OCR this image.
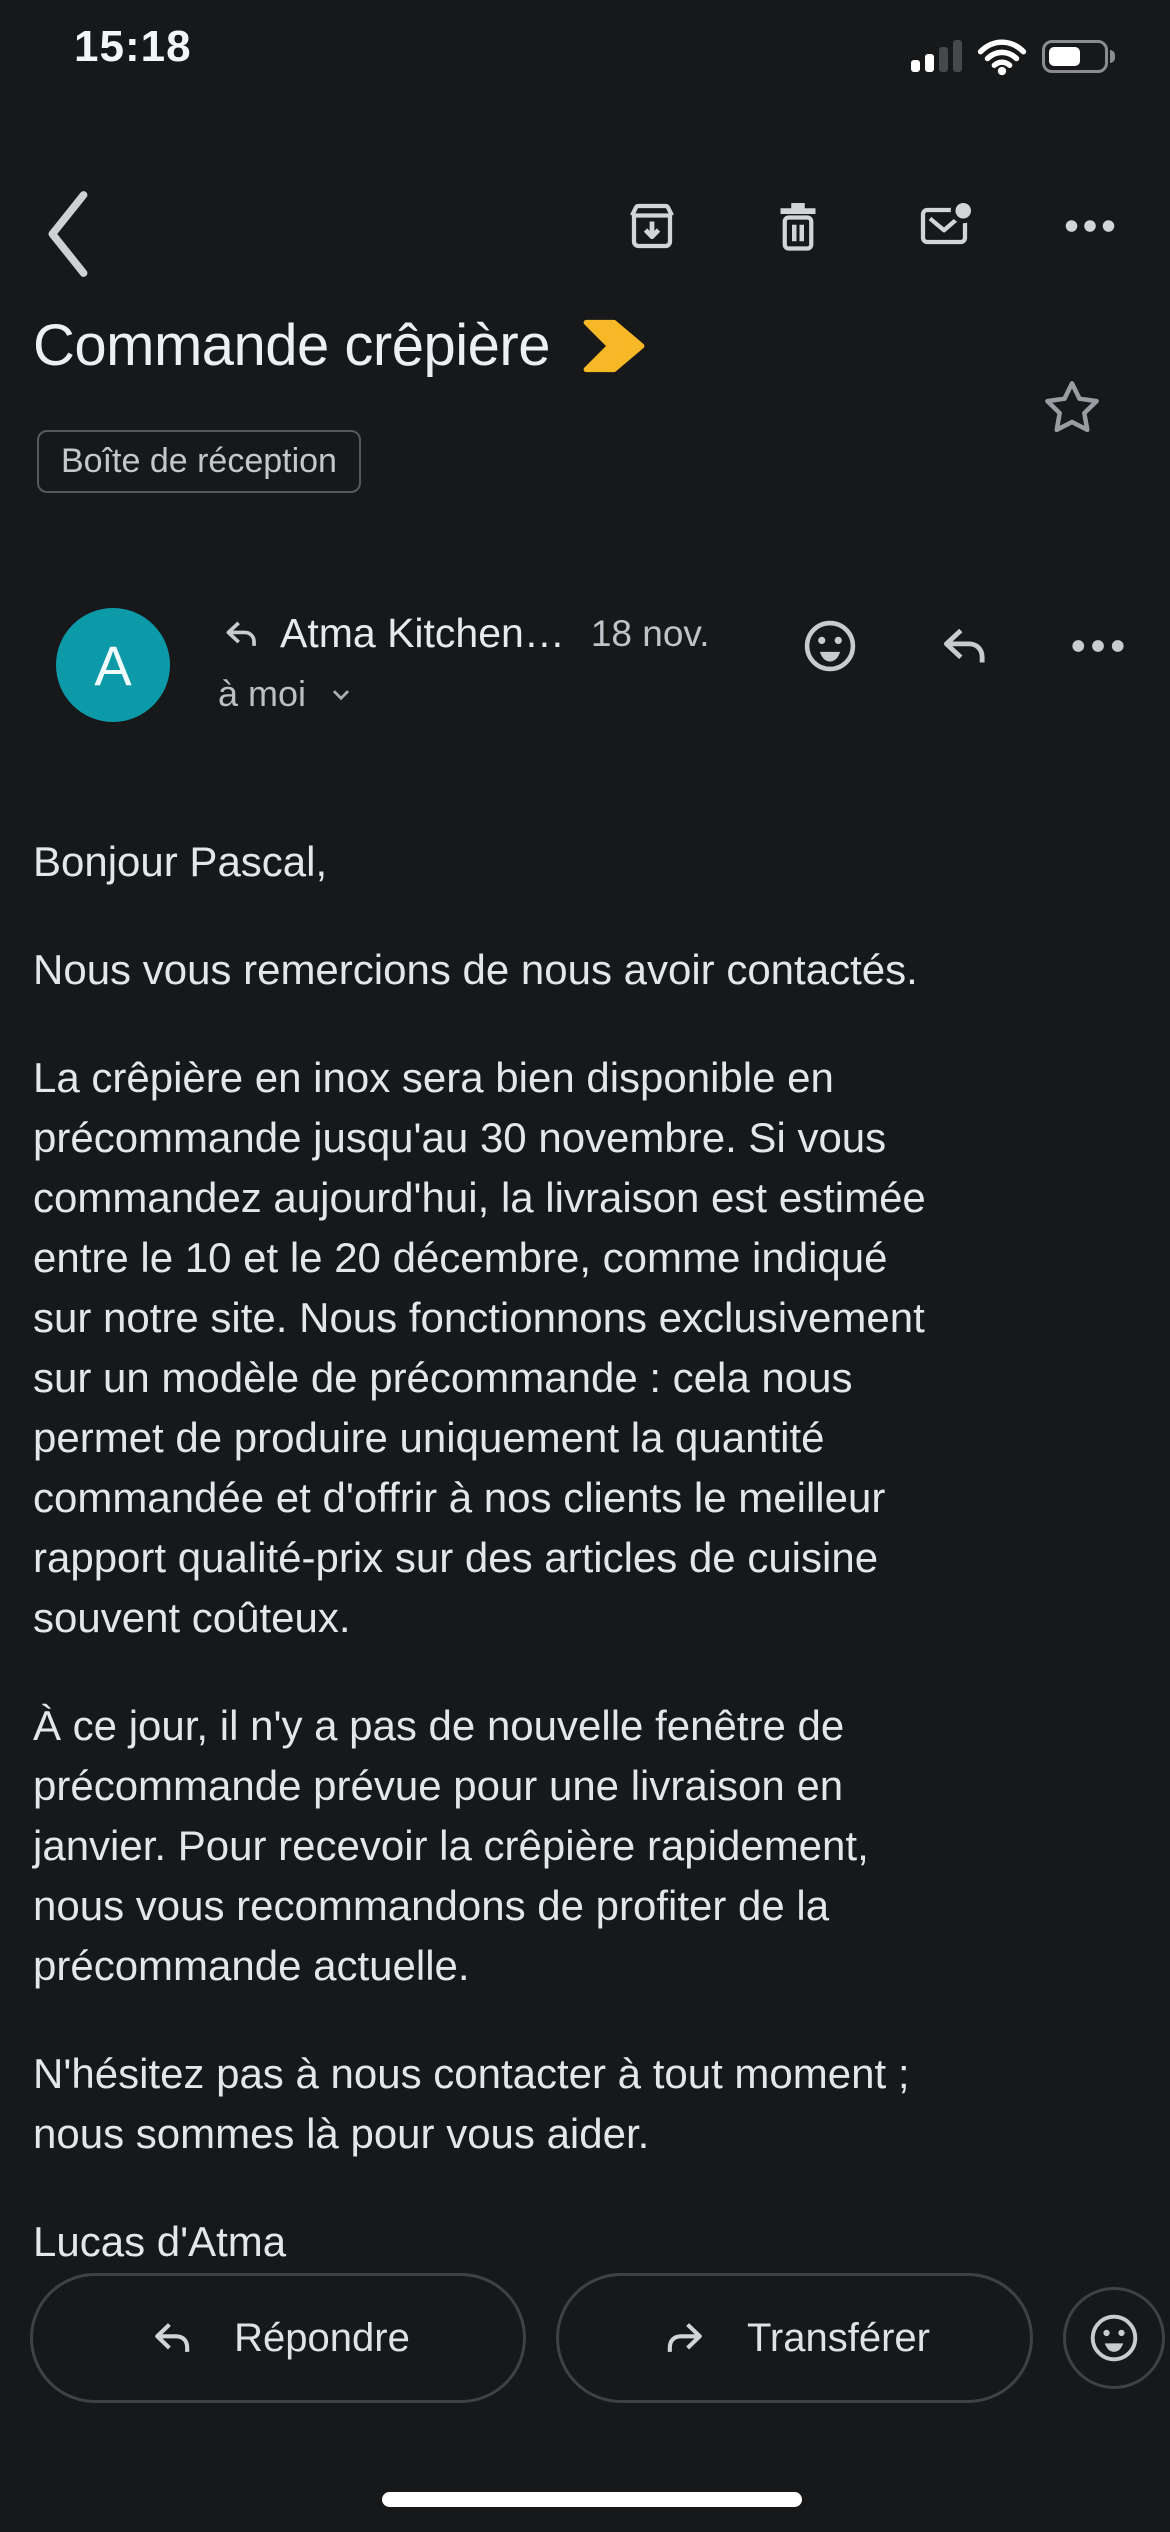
15:18
Commande crêpière
Boîte de réception
A
Atma Kitchen… 18 nov.
à moi
Bonjour Pascal,
Nous vous remercions de nous avoir contactés.
La crêpière en inox sera bien disponible en
précommande jusqu'au 30 novembre. Si vous
commandez aujourd'hui, la livraison est estimée
entre le 10 et le 20 décembre, comme indiqué
sur notre site. Nous fonctionnons exclusivement
sur un modèle de précommande : cela nous
permet de produire uniquement la quantité
commandée et d'offrir à nos clients le meilleur
rapport qualité-prix sur des articles de cuisine
souvent coûteux.
À ce jour, il n'y a pas de nouvelle fenêtre de
précommande prévue pour une livraison en
janvier. Pour recevoir la crêpière rapidement,
nous vous recommandons de profiter de la
précommande actuelle.
N'hésitez pas à nous contacter à tout moment ;
nous sommes là pour vous aider.
Lucas d'Atma
Répondre	Transférer
